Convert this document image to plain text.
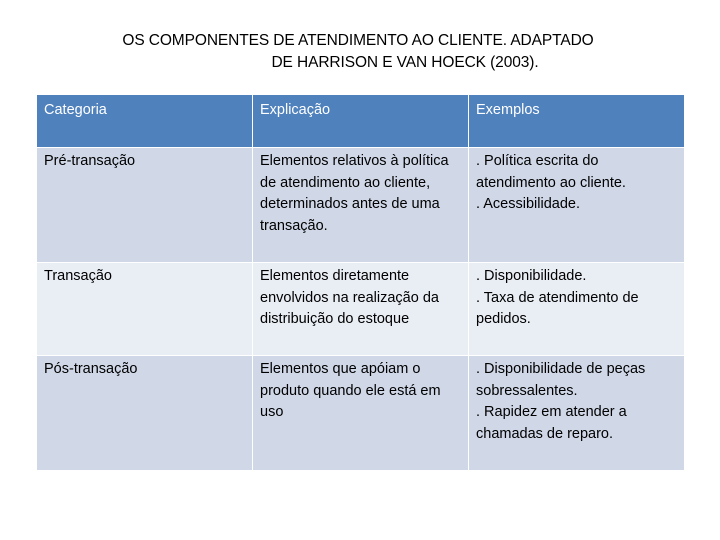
OS COMPONENTES DE ATENDIMENTO AO CLIENTE. ADAPTADO
DE HARRISON E VAN HOECK (2003).
Categoria	Explicação	Exemplos
Pré-transação	Elementos relativos à política de atendimento ao cliente, determinados antes de uma transação.	. Política escrita do atendimento ao cliente.
. Acessibilidade.

Transação	Elementos diretamente envolvidos na realização da distribuição do estoque	. Disponibilidade.
. Taxa de atendimento de pedidos.

Pós-transação	Elementos que apóiam o produto quando ele está em uso	. Disponibilidade de peças sobressalentes.
. Rapidez em atender a chamadas de reparo.
